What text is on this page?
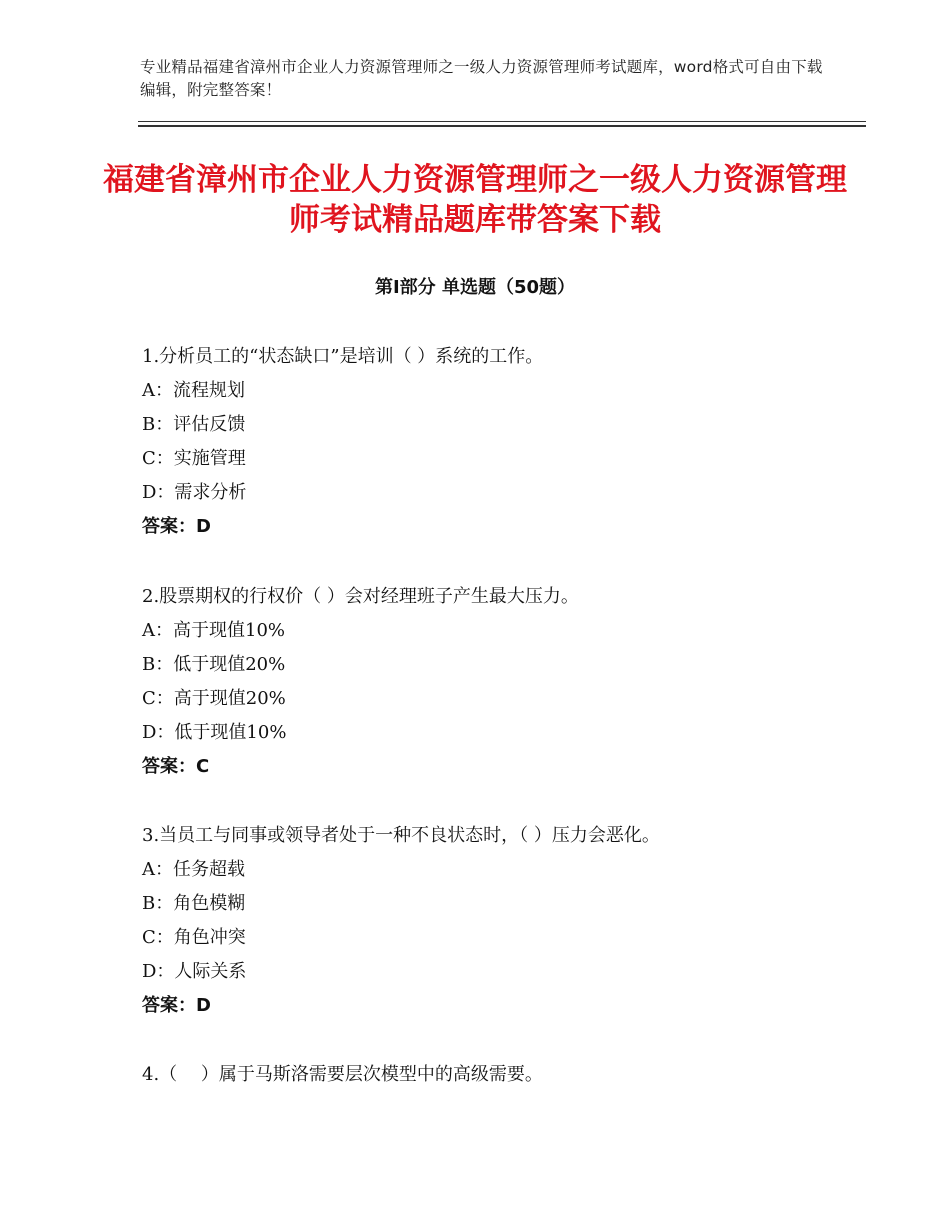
专业精品福建省漳州市企业人力资源管理师之一级人力资源管理师考试题库，word格式可自由下载编辑，附完整答案！
福建省漳州市企业人力资源管理师之一级人力资源管理师考试精品题库带答案下载
第Ⅰ部分 单选题（50题）
1.分析员工的“状态缺口”是培训（ ）系统的工作。
A：流程规划
B：评估反馈
C：实施管理
D：需求分析
答案：D
2.股票期权的行权价（ ）会对经理班子产生最大压力。
A：高于现值10%
B：低于现值20%
C：高于现值20%
D：低于现值10%
答案：C
3.当员工与同事或领导者处于一种不良状态时，（ ）压力会恶化。
A：任务超载
B：角色模糊
C：角色冲突
D：人际关系
答案：D
4.（　 ）属于马斯洛需要层次模型中的高级需要。
